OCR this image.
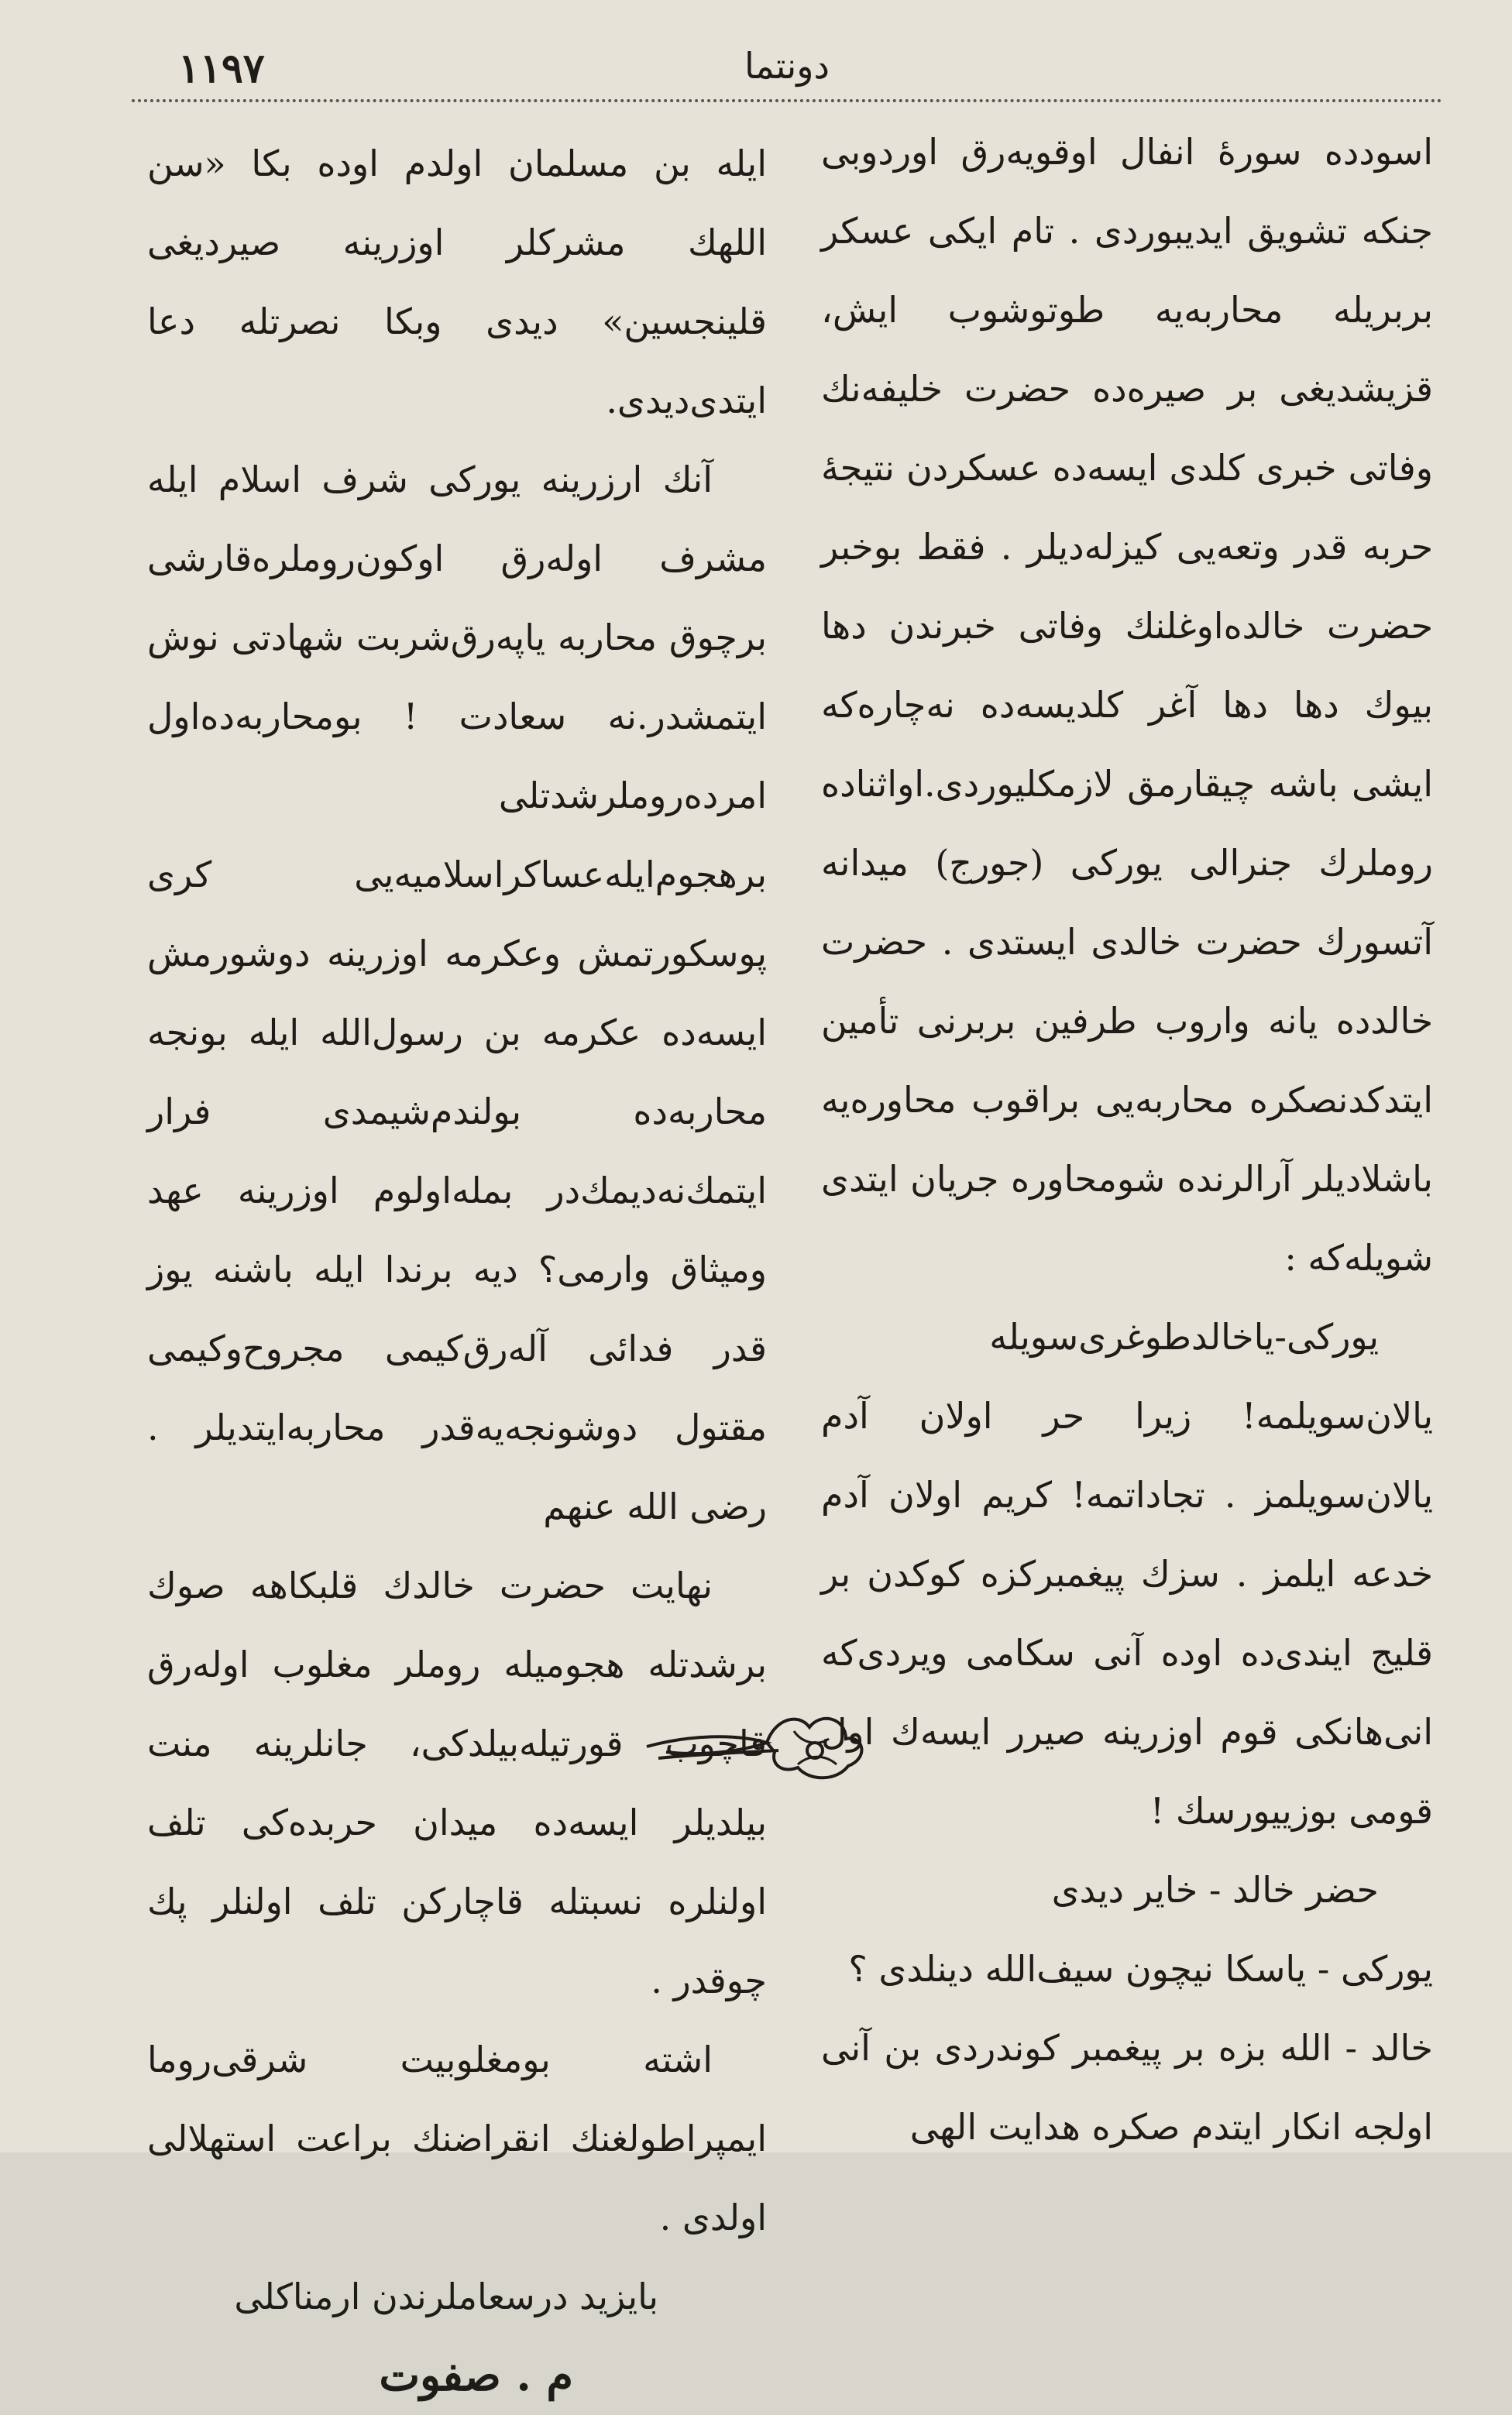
۱۱۹۷	دونتما

اسودده سورۀ انفال اوقویه‌رق اوردوبی جنکه تشویق ایدیبوردی . تام ایکی عسکر بربریله محاربه‌یه طوتوشوب ایش، قزیشدیغی بر صیره‌ده حضرت خلیفه‌نك وفاتی خبری کلدی ایسه‌ده عسکردن نتیجۀ حربه قدر وتعه‌یی کیزله‌دیلر . فقط بوخبر حضرت خالده‌اوغلنك وفاتی خبرندن دها بیوك دها دها آغر کلدیسه‌ده نه‌چاره‌که ایشی باشه چیقارمق لازمکلیوردی.اواثناده روملرك جنرالی یورکی (جورج) میدانه آتسورك حضرت خالدی ایستدی . حضرت خالدده یانه واروب طرفین بربرنی تأمین ایتدکدنصکره محاربه‌یی براقوب محاوره‌یه باشلادیلر آرالرنده شومحاوره جریان ایتدی شویله‌که :

یورکی-یاخالدطوغری‌سویله یالان‌سویلمه! زیرا حر اولان آدم یالان‌سویلمز . تجاداتمه! کریم اولان آدم خدعه ایلمز . سزك پیغمبرکزه کوکدن بر قلیج ایندی‌ده اوده آنی سکامی ویردی‌که انی‌هانکی قوم اوزرینه صیرر ایسه‌ك اول قومی بوزییورسك !

حضر خالد - خایر دیدی

یورکی - یاسکا نیچون سیف‌الله دینلدی ؟

خالد - الله بزه بر پیغمبر کوندردی بن آنی اولجه انکار ایتدم صکره هدایت الهی

ایله بن مسلمان اولدم اوده بکا «سن اللهك مشرکلر اوزرینه صیردیغی قلینجسین» دیدی وبکا نصرتله دعا ایتدی‌دیدی.

آنك ارزرینه یورکی شرف اسلام ایله مشرف اوله‌رق اوکون‌روملره‌قارشی برچوق محاربه یاپه‌رق‌شربت شهادتی نوش ایتمشدر.نه سعادت ! بومحاربه‌ده‌اول امرده‌روملرشدتلی برهجوم‌ایله‌عساکراسلامیه‌یی کری پوسکورتمش وعکرمه اوزرینه دوشورمش ایسه‌ده عکرمه بن رسول‌الله ایله بونجه محاربه‌ده بولندم‌شیمدی فرار ایتمك‌نه‌دیمك‌در بمله‌اولوم اوزرینه عهد ومیثاق وارمی؟ دیه برندا ایله باشنه یوز قدر فدائی آله‌رق‌کیمی مجروح‌وکیمی مقتول دوشونجه‌یه‌قدر محاربه‌ایتدیلر . رضی الله عنهم

نهایت حضرت خالدك قلبکاهه صوك برشدتله هجومیله روملر مغلوب اوله‌رق قاچوب قورتیله‌بیلدکی، جانلرینه منت بیلدیلر ایسه‌ده میدان حربده‌کی تلف اولنلره نسبتله قاچارکن تلف اولنلر پك چوقدر .

اشته بومغلوبیت شرقی‌روما ایمپراطولغنك انقراضنك براعت استهلالی اولدی .

بایزید درسعاملرندن ارمناکلی

م . صفوت
